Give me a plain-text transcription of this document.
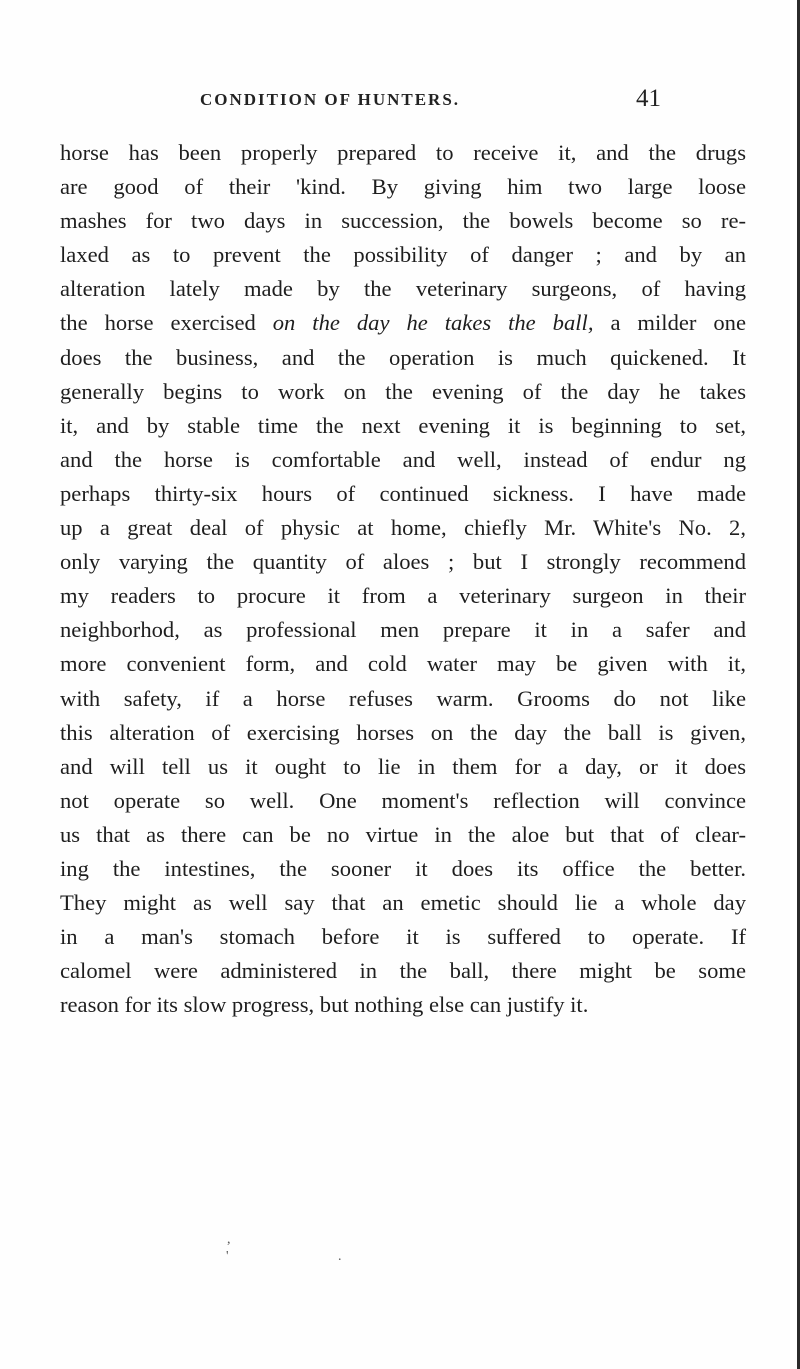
CONDITION OF HUNTERS.	41
horse has been properly prepared to receive it, and the drugs
are good of their 'kind. By giving him two large loose
mashes for two days in succession, the bowels become so re-
laxed as to prevent the possibility of danger ; and by an
alteration lately made by the veterinary surgeons, of having
the horse exercised on the day he takes the ball, a milder one
does the business, and the operation is much quickened. It
generally begins to work on the evening of the day he takes
it, and by stable time the next evening it is beginning to set,
and the horse is comfortable and well, instead of endur ng
perhaps thirty-six hours of continued sickness. I have made
up a great deal of physic at home, chiefly Mr. White's No. 2,
only varying the quantity of aloes ; but I strongly recommend
my readers to procure it from a veterinary surgeon in their
neighborhod, as professional men prepare it in a safer and
more convenient form, and cold water may be given with it,
with safety, if a horse refuses warm. Grooms do not like
this alteration of exercising horses on the day the ball is given,
and will tell us it ought to lie in them for a day, or it does
not operate so well. One moment's reflection will convince
us that as there can be no virtue in the aloe but that of clear-
ing the intestines, the sooner it does its office the better.
They might as well say that an emetic should lie a whole day
in a man's stomach before it is suffered to operate. If
calomel were administered in the ball, there might be some
reason for its slow progress, but nothing else can justify it.
,
'	.
